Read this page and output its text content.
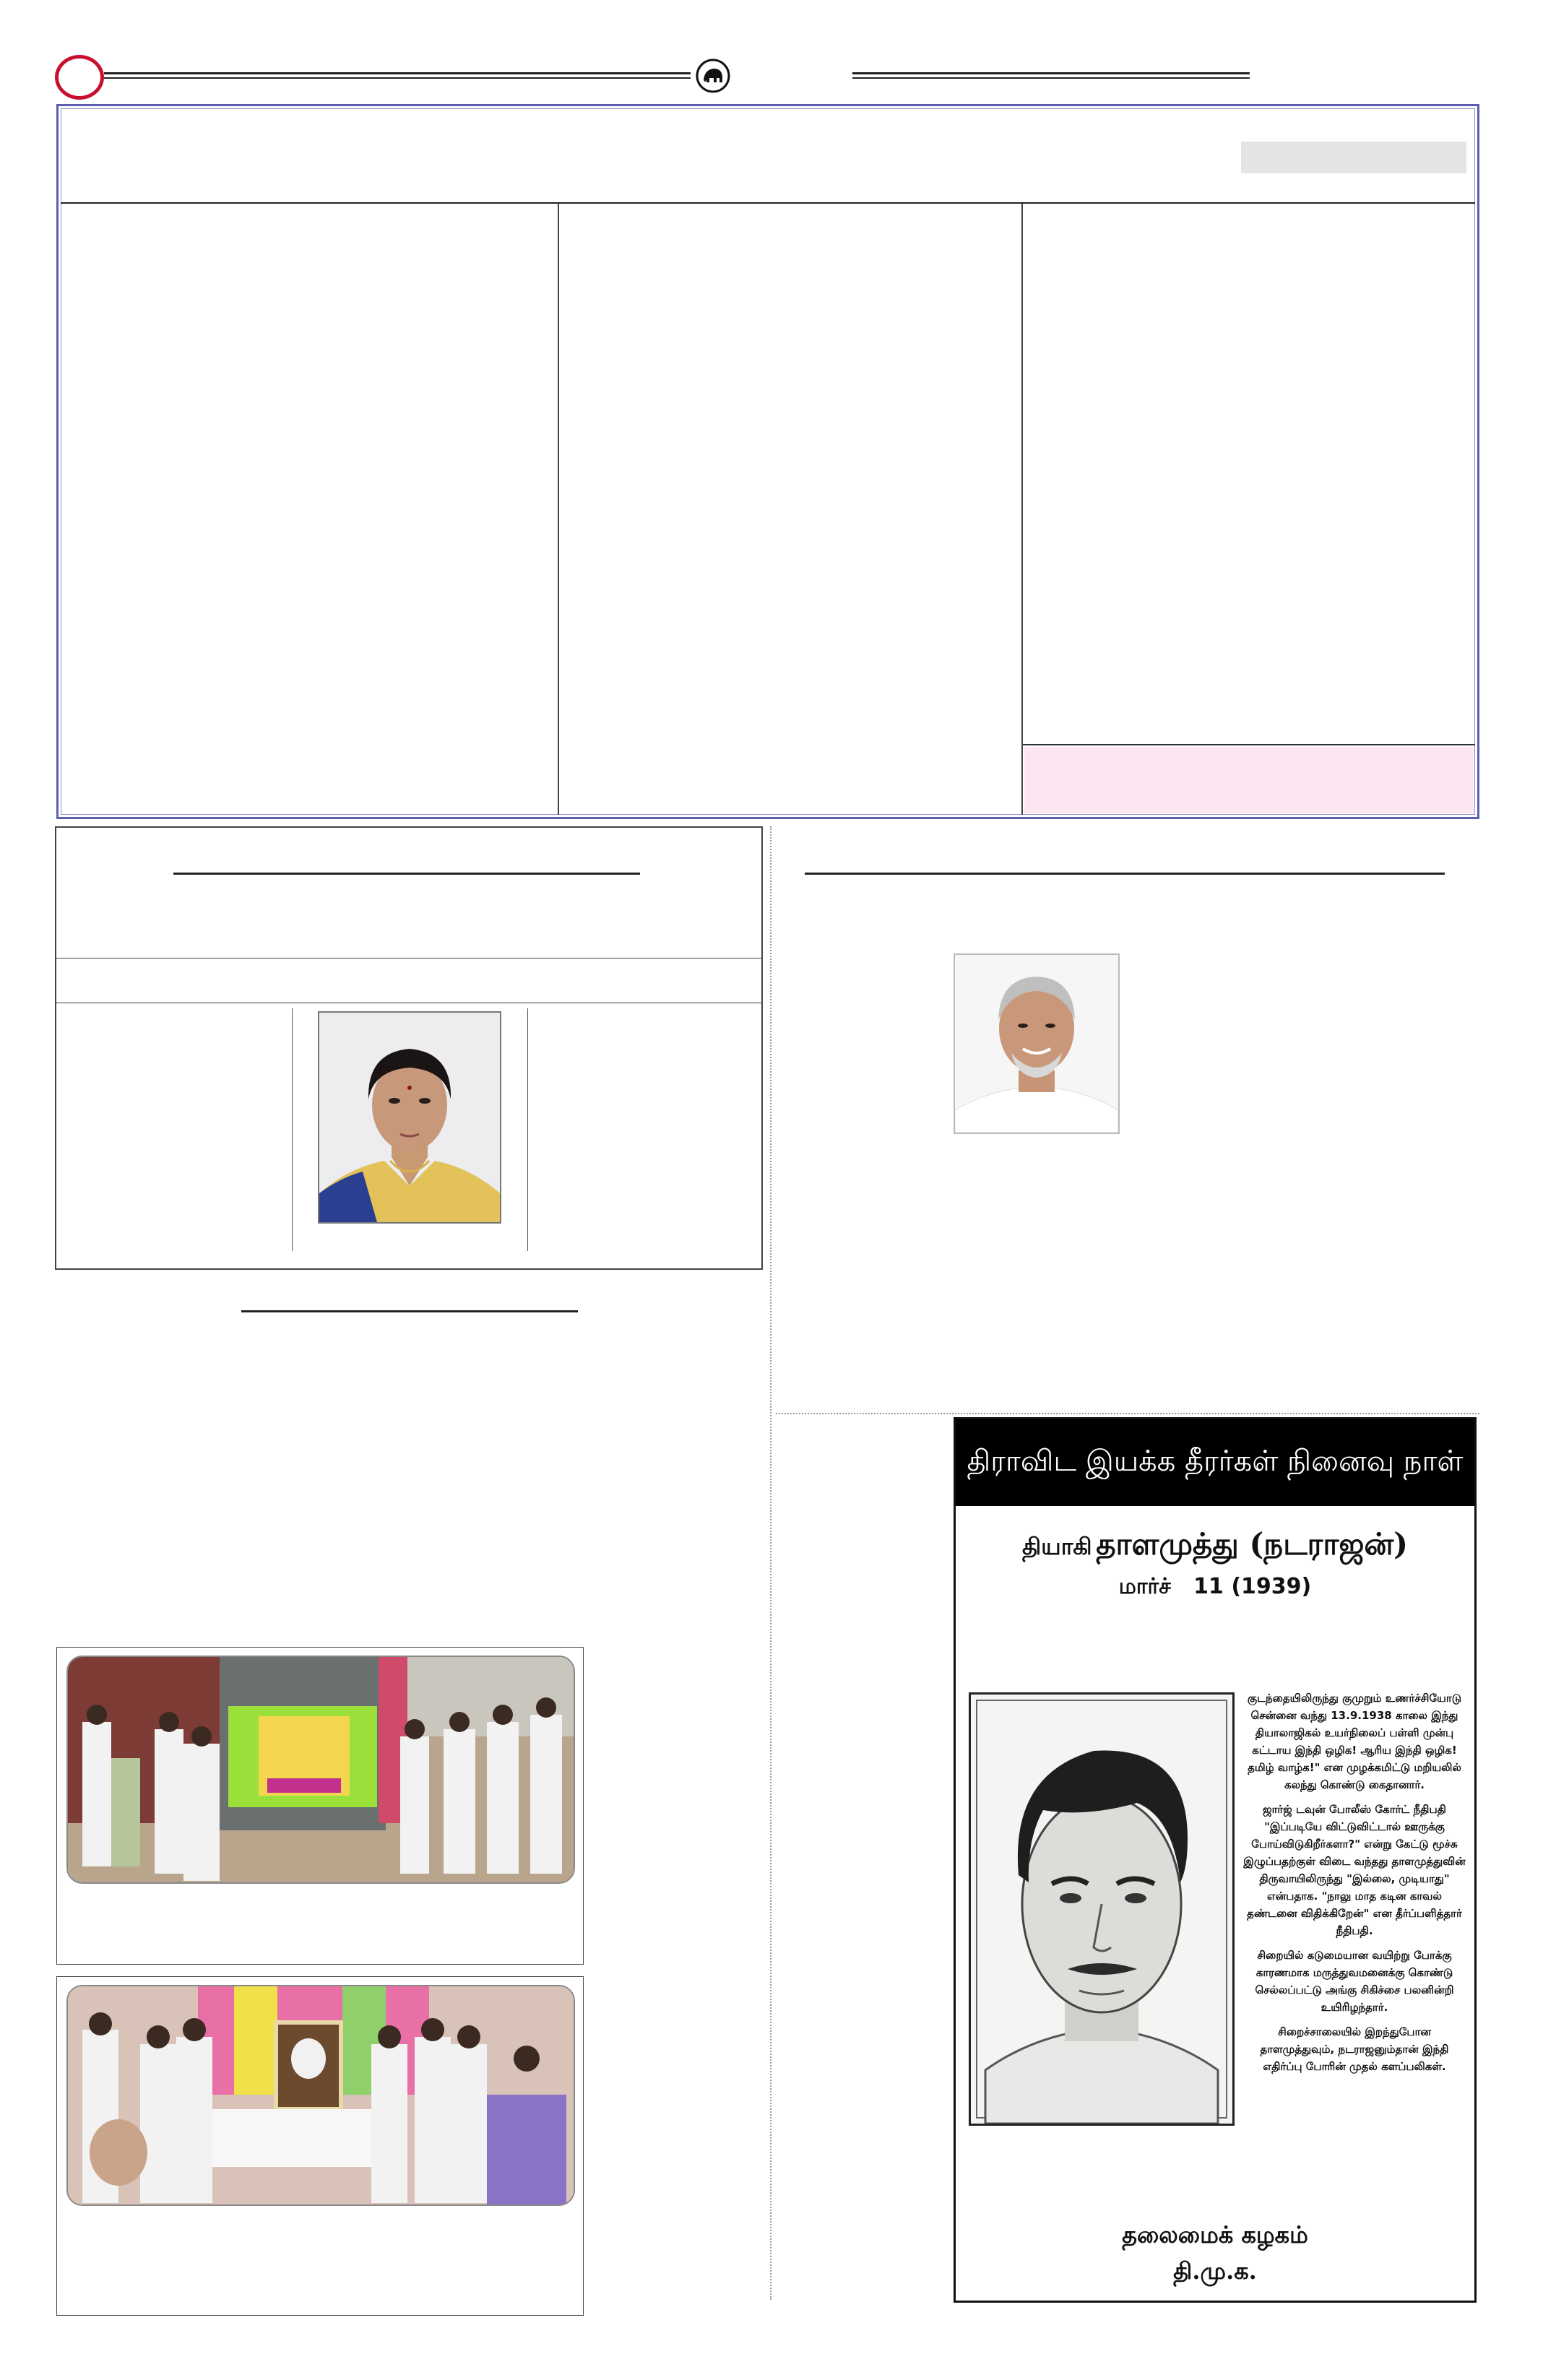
திராவிட இயக்க தீரர்கள் நினைவு நாள்
தியாகி தாளமுத்து (நடராஜன்)
மார்ச்   11 (1939)

குடந்தையிலிருந்து குமுறும் உணர்ச்சியோடு சென்னை வந்து 13.9.1938 காலை இந்து தியாலாஜிகல் உயர்நிலைப் பள்ளி முன்பு கட்டாய இந்தி ஒழிக! ஆரிய இந்தி ஒழிக! தமிழ் வாழ்க!" என முழக்கமிட்டு மறியலில் கலந்து கொண்டு கைதானார்.

ஜார்ஜ் டவுன் போலீஸ் கோர்ட் நீதிபதி "இப்படியே விட்டுவிட்டால் ஊருக்கு போய்விடுகிறீர்களா?" என்று கேட்டு மூச்சு இழுப்பதற்குள் விடை வந்தது தாளமுத்துவின் திருவாயிலிருந்து "இல்லை, முடியாது" என்பதாக. "நாலு மாத கடின காவல் தண்டனை விதிக்கிறேன்" என தீர்ப்பளித்தார் நீதிபதி.

சிறையில் கடுமையான வயிற்று போக்கு காரணமாக மருத்துவமனைக்கு கொண்டு செல்லப்பட்டு அங்கு சிகிச்சை பலனின்றி உயிரிழந்தார்.

சிறைச்சாலையில் இறந்துபோன தாளமுத்துவும், நடராஜனும்தான் இந்தி எதிர்ப்பு போரின் முதல் களப்பலிகள்.

தலைமைக் கழகம்
தி.மு.க.
